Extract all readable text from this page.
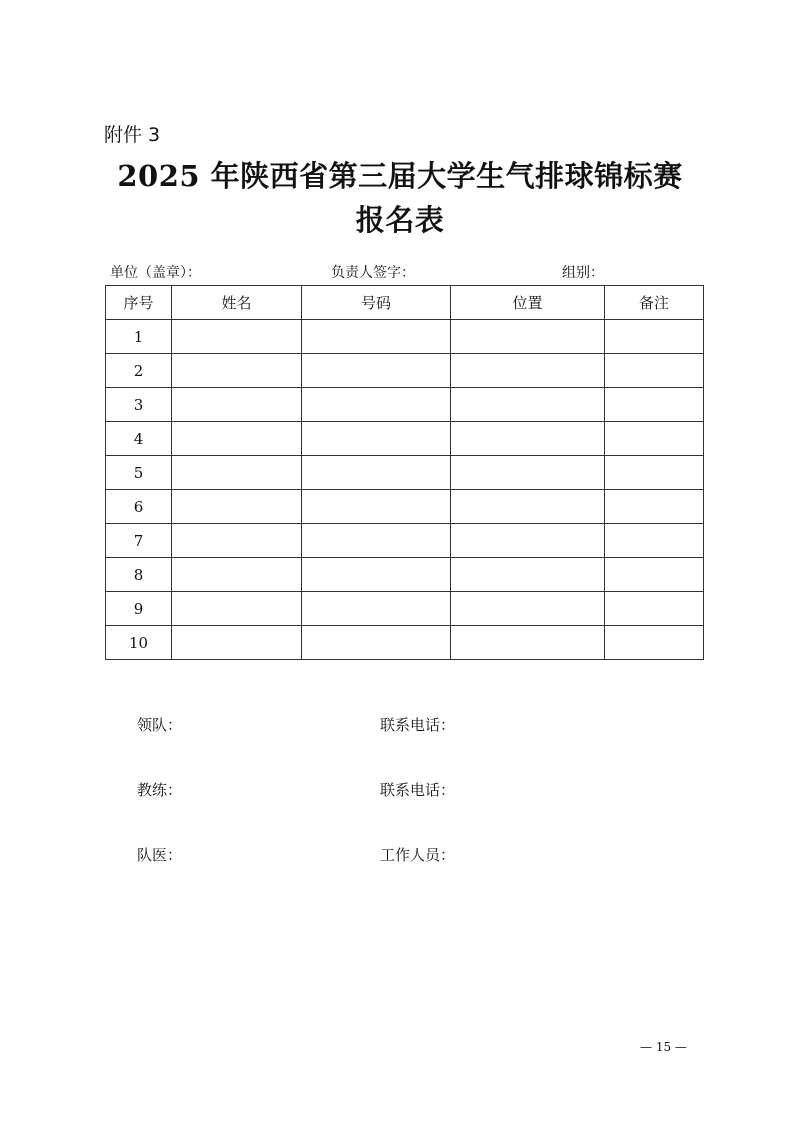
附件 3
2025 年陕西省第三届大学生气排球锦标赛
报名表
单位（盖章）：	负责人签字：	组别：
序号	姓名	号码	位置	备注
1				
2				
3				
4				
5				
6				
7				
8				
9				
10				
领队：	联系电话：
教练：	联系电话：
队医：	工作人员：
— 15 —
